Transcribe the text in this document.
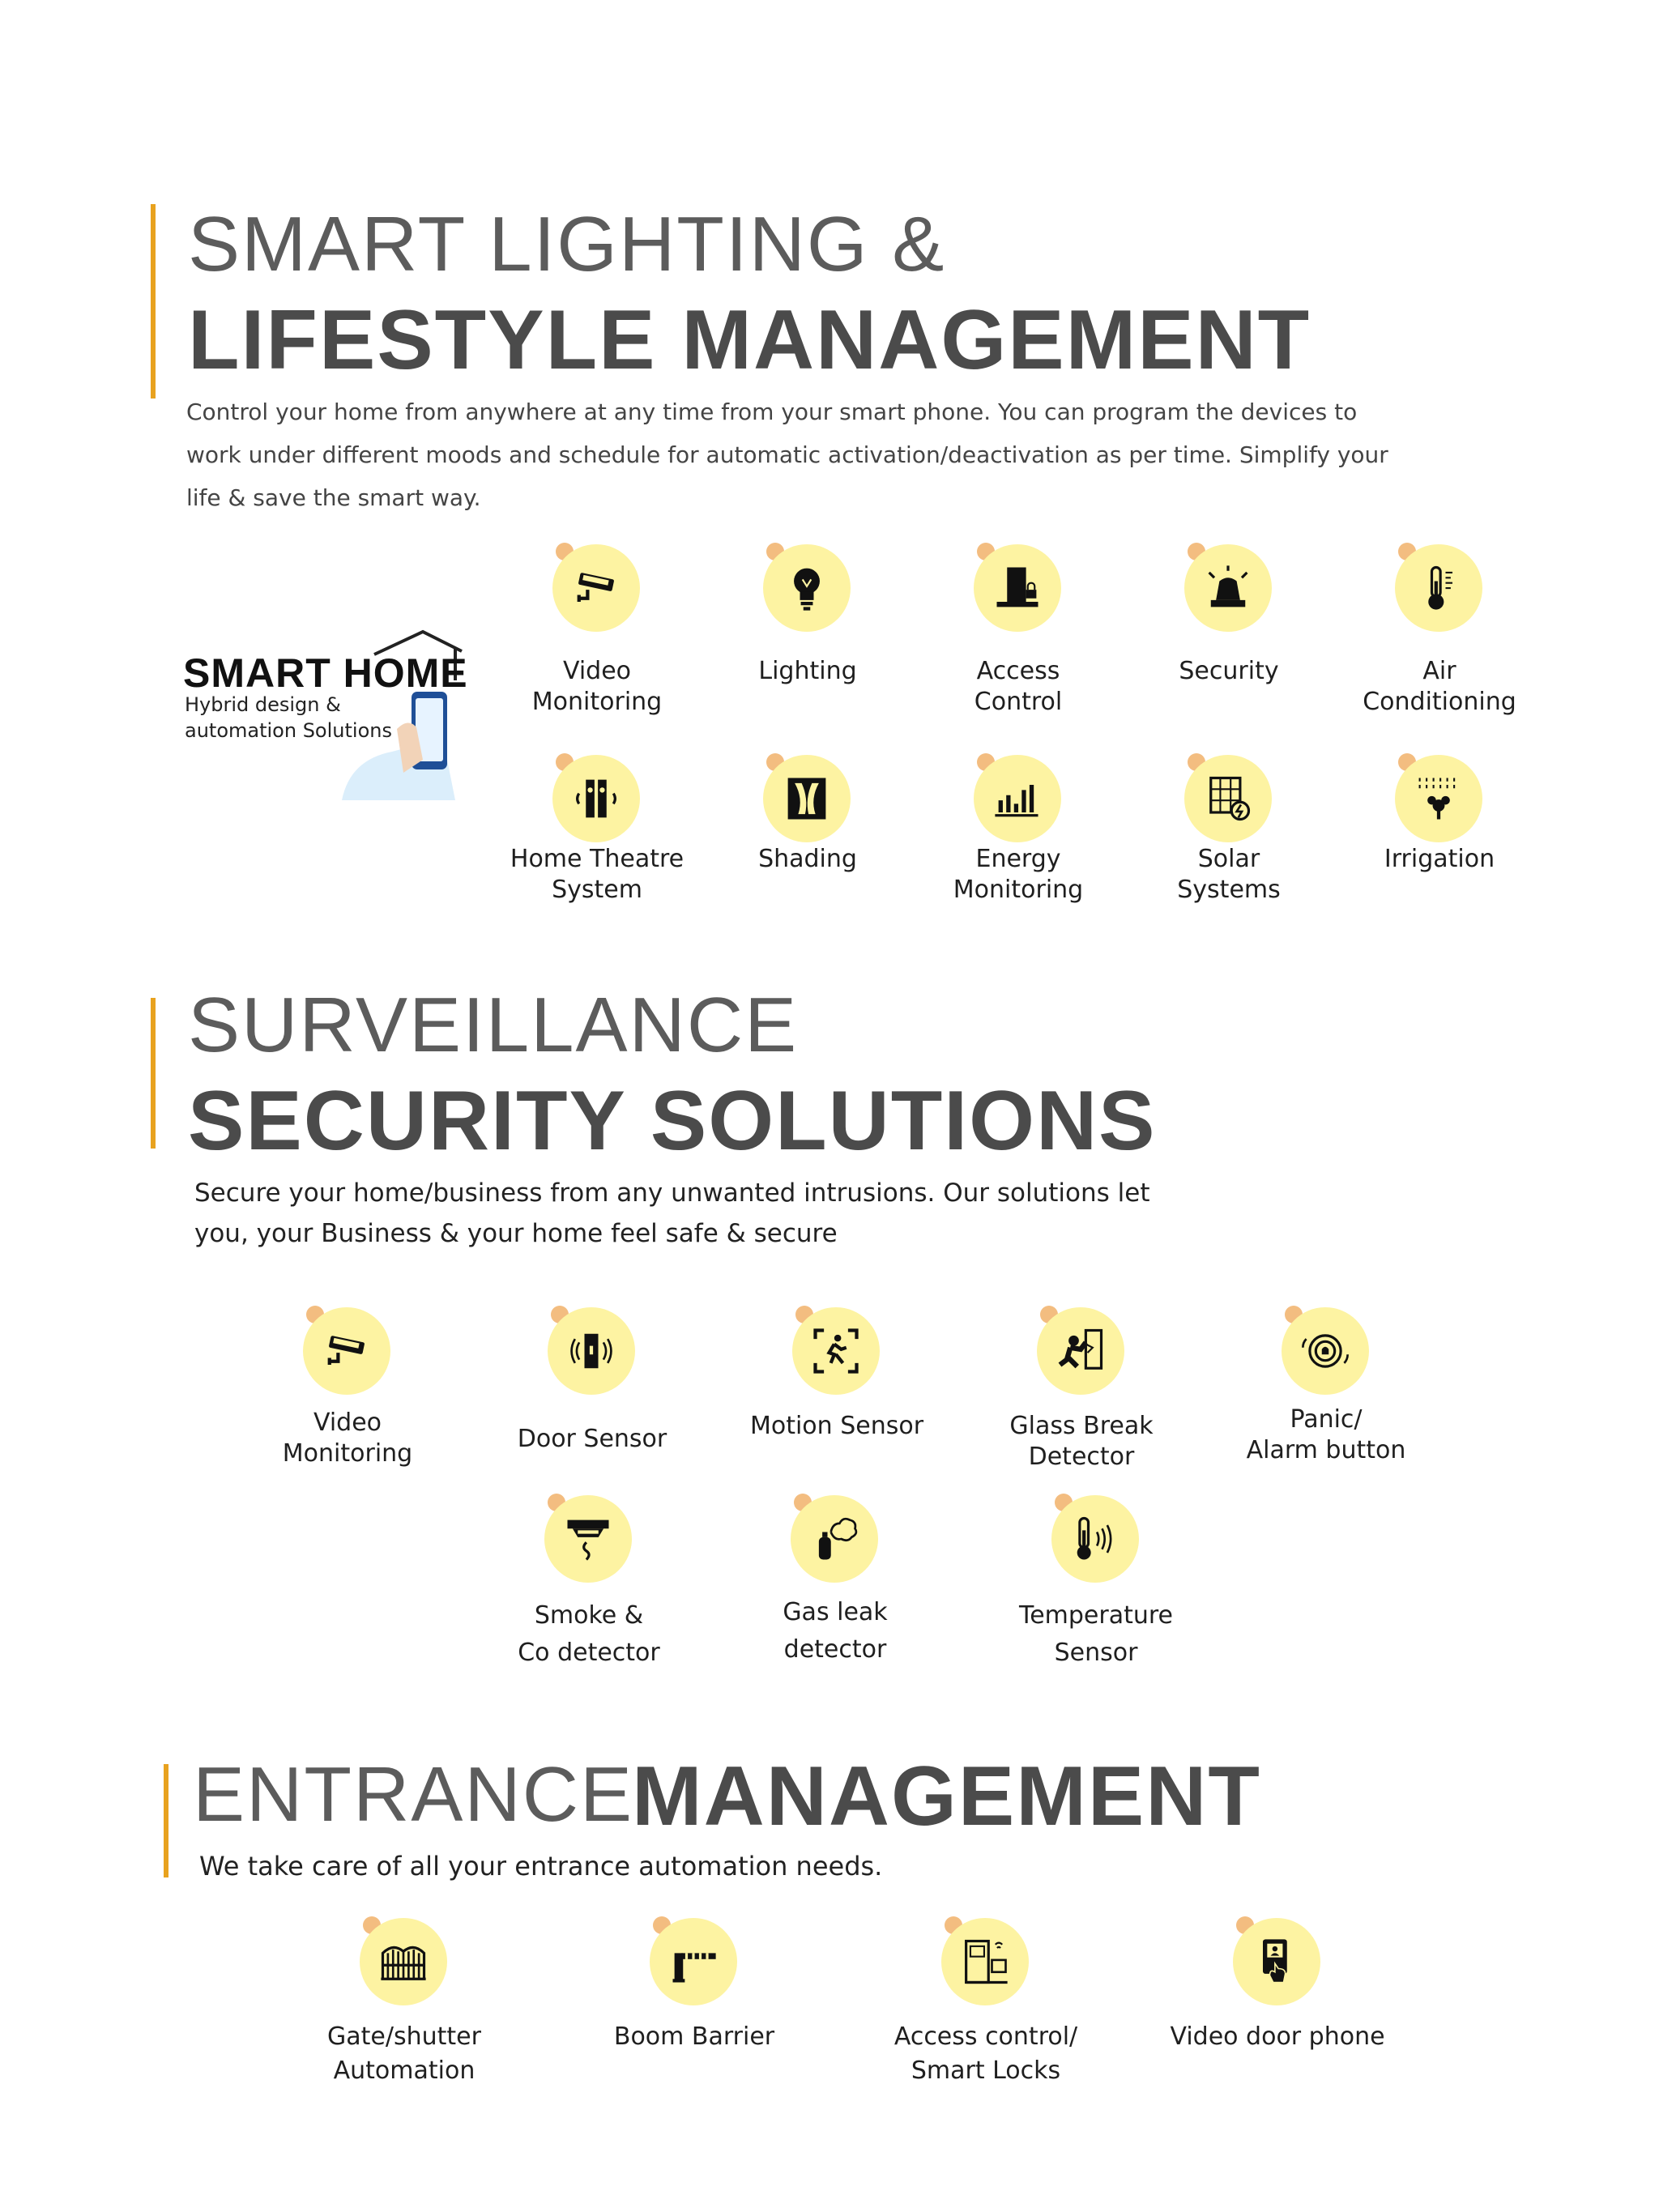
SMART LIGHTING &
LIFESTYLE MANAGEMENT
Control your home from anywhere at any time from your smart phone. You can program the devices to work under different moods and schedule for automatic activation/deactivation as per time. Simplify your life & save the smart way.
SMART HOME
Hybrid design &
automation Solutions
Video
Monitoring
Lighting	Access
Control
Security	Air
Conditioning
Home Theatre
System
Shading	Energy
Monitoring
Solar
Systems
Irrigation
SURVEILLANCE
SECURITY SOLUTIONS
Secure your home/business from any unwanted intrusions. Our solutions let you, your Business & your home feel safe & secure
Video
Monitoring
Door Sensor	Motion Sensor	Glass Break
Detector
Panic/
Alarm button
Smoke &
Co detector
Gas leak
detector
Temperature
Sensor
ENTRANCE
MANAGEMENT
We take care of all your entrance automation needs.
Gate/shutter
Automation
Boom Barrier	Access control/
Smart Locks
Video door phone
